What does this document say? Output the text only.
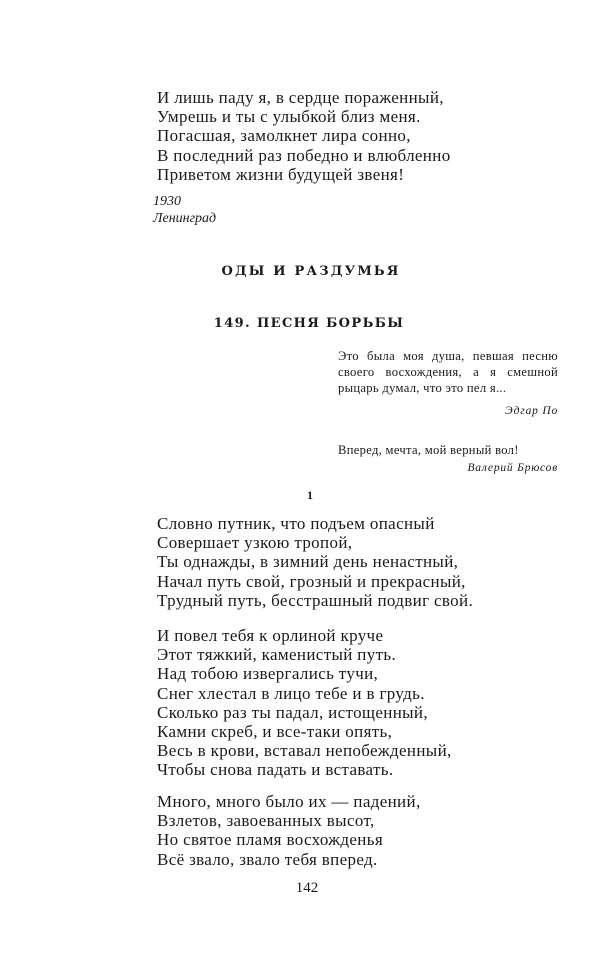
И лишь паду я, в сердце пораженный,
Умрешь и ты с улыбкой близ меня.
Погасшая, замолкнет лира сонно,
В последний раз победно и влюбленно
Приветом жизни будущей звеня!
1930
Ленинград
ОДЫ И РАЗДУМЬЯ
149. ПЕСНЯ БОРЬБЫ
Это была моя душа, певшая песню своего восхождения, а я смешной рыцарь думал, что это пел я...
Эдгар По
Вперед, мечта, мой верный вол!
Валерий Брюсов
1
Словно путник, что подъем опасный
Совершает узкою тропой,
Ты однажды, в зимний день ненастный,
Начал путь свой, грозный и прекрасный,
Трудный путь, бесстрашный подвиг свой.
И повел тебя к орлиной круче
Этот тяжкий, каменистый путь.
Над тобою извергались тучи,
Снег хлестал в лицо тебе и в грудь.
Сколько раз ты падал, истощенный,
Камни скреб, и все-таки опять,
Весь в крови, вставал непобежденный,
Чтобы снова падать и вставать.
Много, много было их — падений,
Взлетов, завоеванных высот,
Но святое пламя восхожденья
Всё звало, звало тебя вперед.
142
